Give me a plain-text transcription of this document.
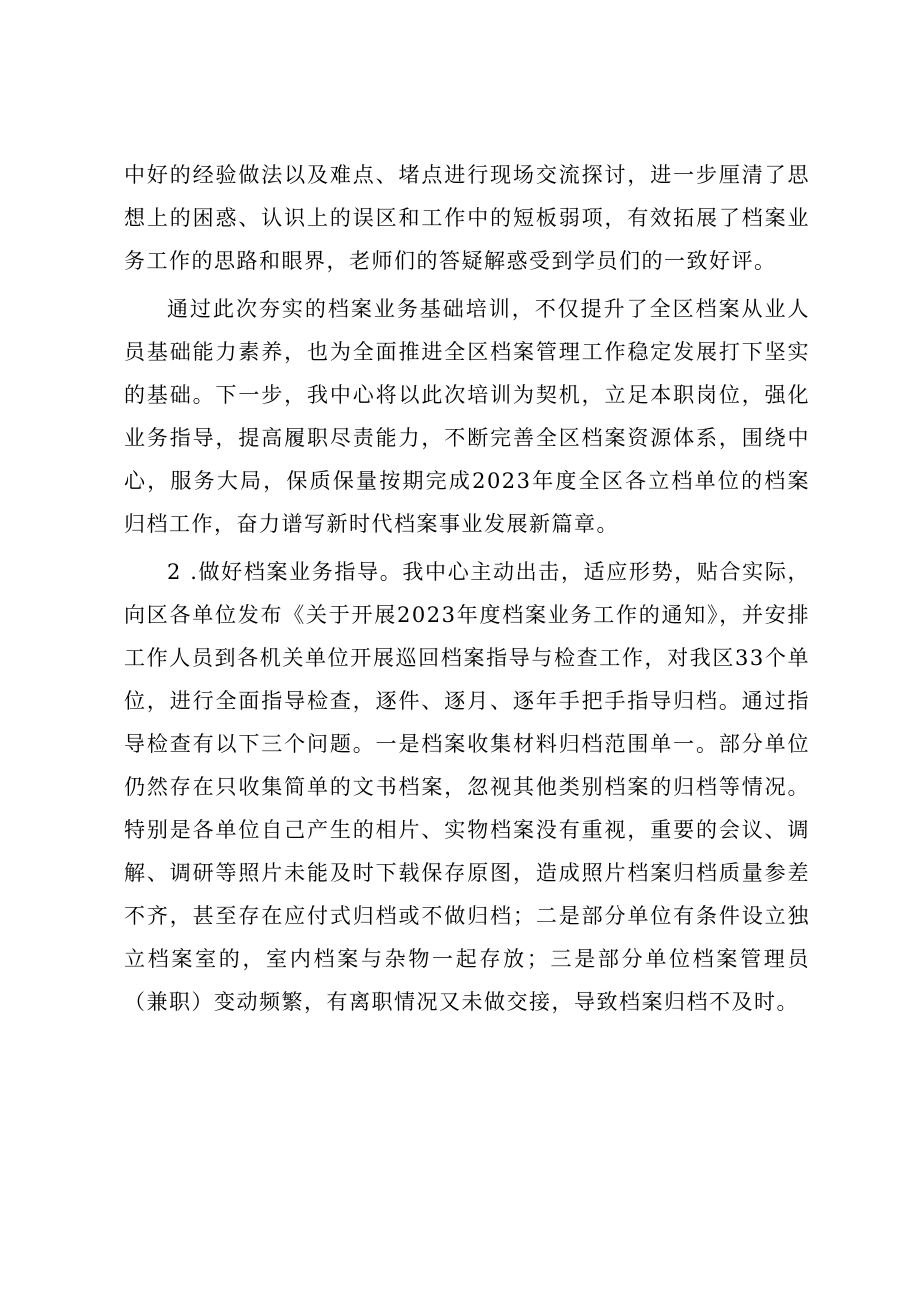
中好的经验做法以及难点、堵点进行现场交流探讨，进一步厘清了思想上的困惑、认识上的误区和工作中的短板弱项，有效拓展了档案业务工作的思路和眼界，老师们的答疑解惑受到学员们的一致好评。

通过此次夯实的档案业务基础培训，不仅提升了全区档案从业人员基础能力素养，也为全面推进全区档案管理工作稳定发展打下坚实的基础。下一步，我中心将以此次培训为契机，立足本职岗位，强化业务指导，提高履职尽责能力，不断完善全区档案资源体系，围绕中心，服务大局，保质保量按期完成2023年度全区各立档单位的档案归档工作，奋力谱写新时代档案事业发展新篇章。

2 .做好档案业务指导。我中心主动出击，适应形势，贴合实际，向区各单位发布《关于开展2023年度档案业务工作的通知》，并安排工作人员到各机关单位开展巡回档案指导与检查工作，对我区33个单位，进行全面指导检查，逐件、逐月、逐年手把手指导归档。通过指导检查有以下三个问题。一是档案收集材料归档范围单一。部分单位仍然存在只收集简单的文书档案，忽视其他类别档案的归档等情况。特别是各单位自己产生的相片、实物档案没有重视，重要的会议、调解、调研等照片未能及时下载保存原图，造成照片档案归档质量参差不齐，甚至存在应付式归档或不做归档；二是部分单位有条件设立独立档案室的，室内档案与杂物一起存放；三是部分单位档案管理员（兼职）变动频繁，有离职情况又未做交接，导致档案归档不及时。
